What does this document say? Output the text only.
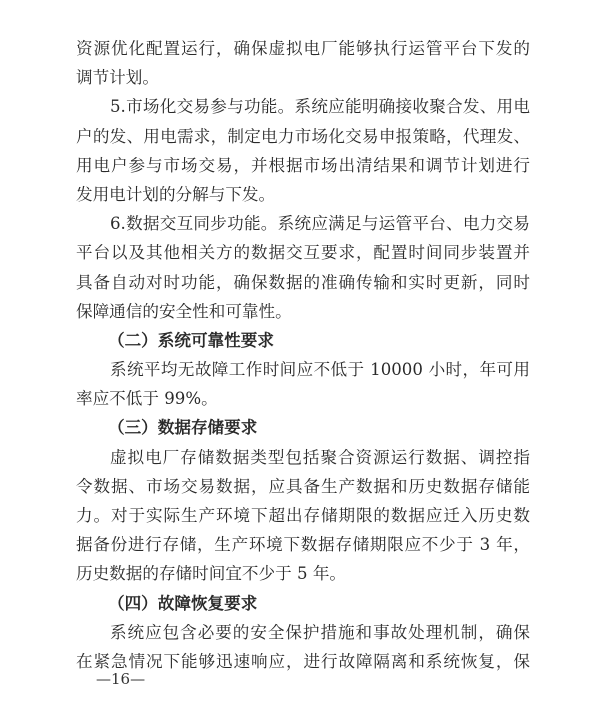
资源优化配置运行，确保虚拟电厂能够执行运管平台下发的
调节计划。
5.市场化交易参与功能。系统应能明确接收聚合发、用电
户的发、用电需求，制定电力市场化交易申报策略，代理发、
用电户参与市场交易，并根据市场出清结果和调节计划进行
发用电计划的分解与下发。
6.数据交互同步功能。系统应满足与运管平台、电力交易
平台以及其他相关方的数据交互要求，配置时间同步装置并
具备自动对时功能，确保数据的准确传输和实时更新，同时
保障通信的安全性和可靠性。
（二）系统可靠性要求
系统平均无故障工作时间应不低于 10000 小时，年可用
率应不低于 99%。
（三）数据存储要求
虚拟电厂存储数据类型包括聚合资源运行数据、调控指
令数据、市场交易数据，应具备生产数据和历史数据存储能
力。对于实际生产环境下超出存储期限的数据应迁入历史数
据备份进行存储，生产环境下数据存储期限应不少于 3 年，
历史数据的存储时间宜不少于 5 年。
（四）故障恢复要求
系统应包含必要的安全保护措施和事故处理机制，确保
在紧急情况下能够迅速响应，进行故障隔离和系统恢复，保
—16—
